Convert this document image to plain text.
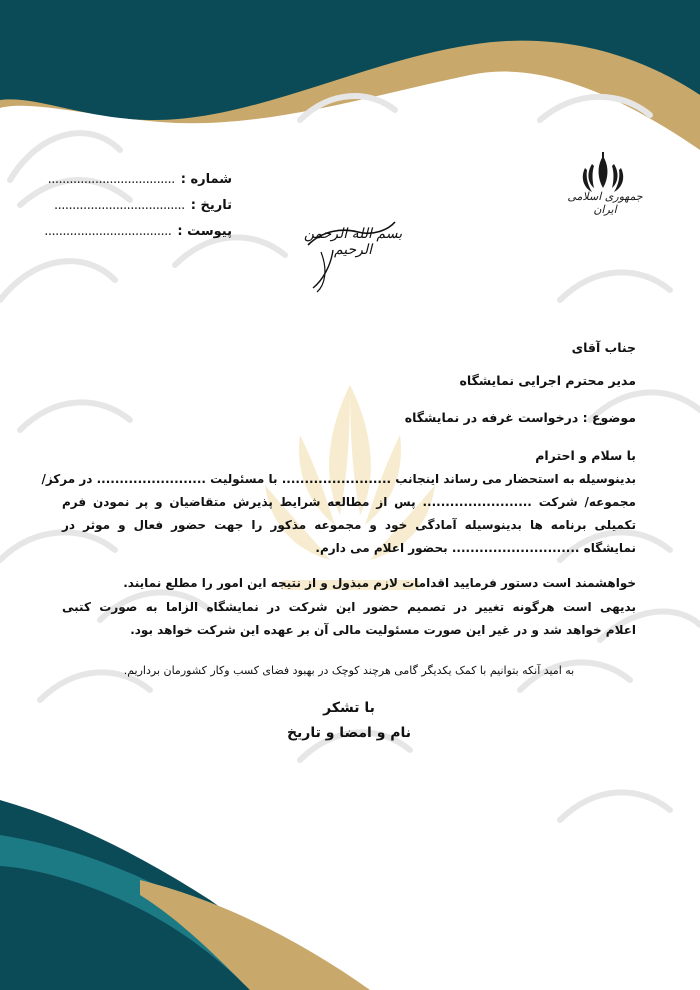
جمهوری اسلامی ایران
شماره :
...................................
تاریخ :
....................................
پیوست :
...................................	بسم الله الرحمن الرحیم
جناب آقای
مدیر محترم اجرایی نمایشگاه
موضوع : درخواست غرفه در نمایشگاه
با سلام و احترام
بدینوسیله به استحضار می رساند اینجانب ........................ با مسئولیت ........................ در مرکز/
مجموعه/ شرکت ........................ پس از مطالعه شرایط پذیرش متقاضیان و پر نمودن فرم
تکمیلی برنامه ها بدینوسیله آمادگی خود و مجموعه مذکور را جهت حضور فعال و موثر در
نمایشگاه ............................ بحضور اعلام می دارم.
خواهشمند است دستور فرمایید اقدامات لازم مبذول و از نتیجه این امور را مطلع نمایند.
بدیهی است هرگونه تغییر در تصمیم حضور این شرکت در نمایشگاه الزاما به صورت کتبی
اعلام خواهد شد و در غیر این صورت مسئولیت مالی آن بر عهده این شرکت خواهد بود.
به امید آنکه بتوانیم با کمک یکدیگر گامی هرچند کوچک در بهبود فضای کسب وکار کشورمان برداریم.
با تشکر
نام و امضا و تاریخ
